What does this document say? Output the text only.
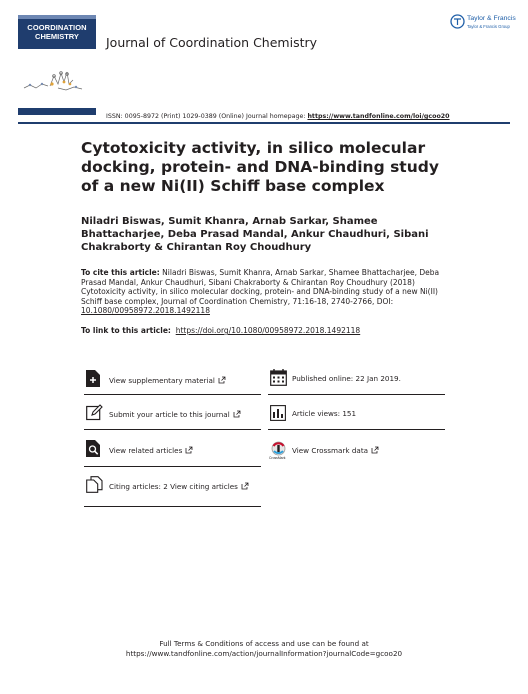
COORDINATION
CHEMISTRY	Journal of Coordination Chemistry
Taylor & Francis
Taylor & Francis Group
ISSN: 0095-8972 (Print) 1029-0389 (Online) Journal homepage: https://www.tandfonline.com/loi/gcoo20
Cytotoxicity activity, in silico molecular docking, protein- and DNA-binding study of a new Ni(II) Schiff base complex
Niladri Biswas, Sumit Khanra, Arnab Sarkar, Shamee Bhattacharjee, Deba Prasad Mandal, Ankur Chaudhuri, Sibani Chakraborty & Chirantan Roy Choudhury
To cite this article: Niladri Biswas, Sumit Khanra, Arnab Sarkar, Shamee Bhattacharjee, Deba Prasad Mandal, Ankur Chaudhuri, Sibani Chakraborty & Chirantan Roy Choudhury (2018) Cytotoxicity activity, in silico molecular docking, protein- and DNA-binding study of a new Ni(II) Schiff base complex, Journal of Coordination Chemistry, 71:16-18, 2740-2766, DOI: 10.1080/00958972.2018.1492118
To link to this article: https://doi.org/10.1080/00958972.2018.1492118
View supplementary material
Submit your article to this journal
View related articles
Citing articles: 2 View citing articles
Published online: 22 Jan 2019.
Article views: 151
CrossMark
View Crossmark data
Full Terms & Conditions of access and use can be found at
https://www.tandfonline.com/action/journalInformation?journalCode=gcoo20
